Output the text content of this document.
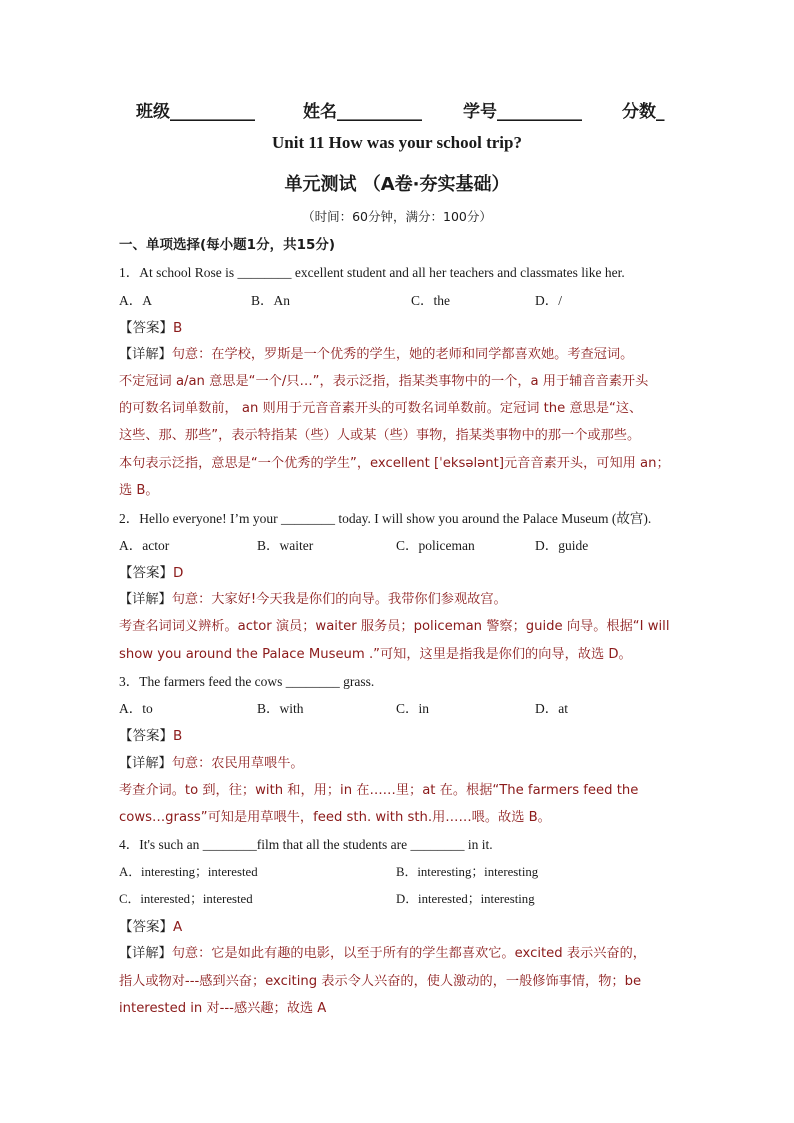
班级__________	姓名__________ 学号__________ 分数_
Unit 11 How was your school trip?
单元测试 （A卷·夯实基础）
（时间：60分钟，满分：100分）
一、单项选择(每小题1分，共15分)
1．At school Rose is ________ excellent student and all her teachers and classmates like her.
A．A	B．An	C．the	D．/
【答案】B
【详解】句意：在学校，罗斯是一个优秀的学生，她的老师和同学都喜欢她。考查冠词。
不定冠词 a/an 意思是“一个/只…”，表示泛指，指某类事物中的一个，a 用于辅音音素开头
的可数名词单数前， an 则用于元音音素开头的可数名词单数前。定冠词 the 意思是“这、
这些、那、那些”，表示特指某（些）人或某（些）事物，指某类事物中的那一个或那些。
本句表示泛指，意思是“一个优秀的学生”，excellent [ˈeksələnt]元音音素开头，可知用 an；
选 B。
2．Hello everyone! I’m your ________ today. I will show you around the Palace Museum (故宫).
A．actor	B．waiter	C．policeman	D．guide
【答案】D
【详解】句意：大家好!今天我是你们的向导。我带你们参观故宫。
考查名词词义辨析。actor 演员；waiter 服务员；policeman 警察；guide 向导。根据“I will
show you around the Palace Museum .”可知，这里是指我是你们的向导，故选 D。
3．The farmers feed the cows ________ grass.
A．to	B．with	C．in	D．at
【答案】B
【详解】句意：农民用草喂牛。
考查介词。to 到，往；with 和，用；in 在……里；at 在。根据“The farmers feed the
cows…grass”可知是用草喂牛，feed sth. with sth.用……喂。故选 B。
4．It's such an ________film that all the students are ________ in it.
A．interesting；interested	B．interesting；interesting
C．interested；interested	D．interested；interesting
【答案】A
【详解】句意：它是如此有趣的电影，以至于所有的学生都喜欢它。excited 表示兴奋的，
指人或物对---感到兴奋；exciting 表示令人兴奋的，使人激动的，一般修饰事情，物；be
interested in 对---感兴趣；故选 A
